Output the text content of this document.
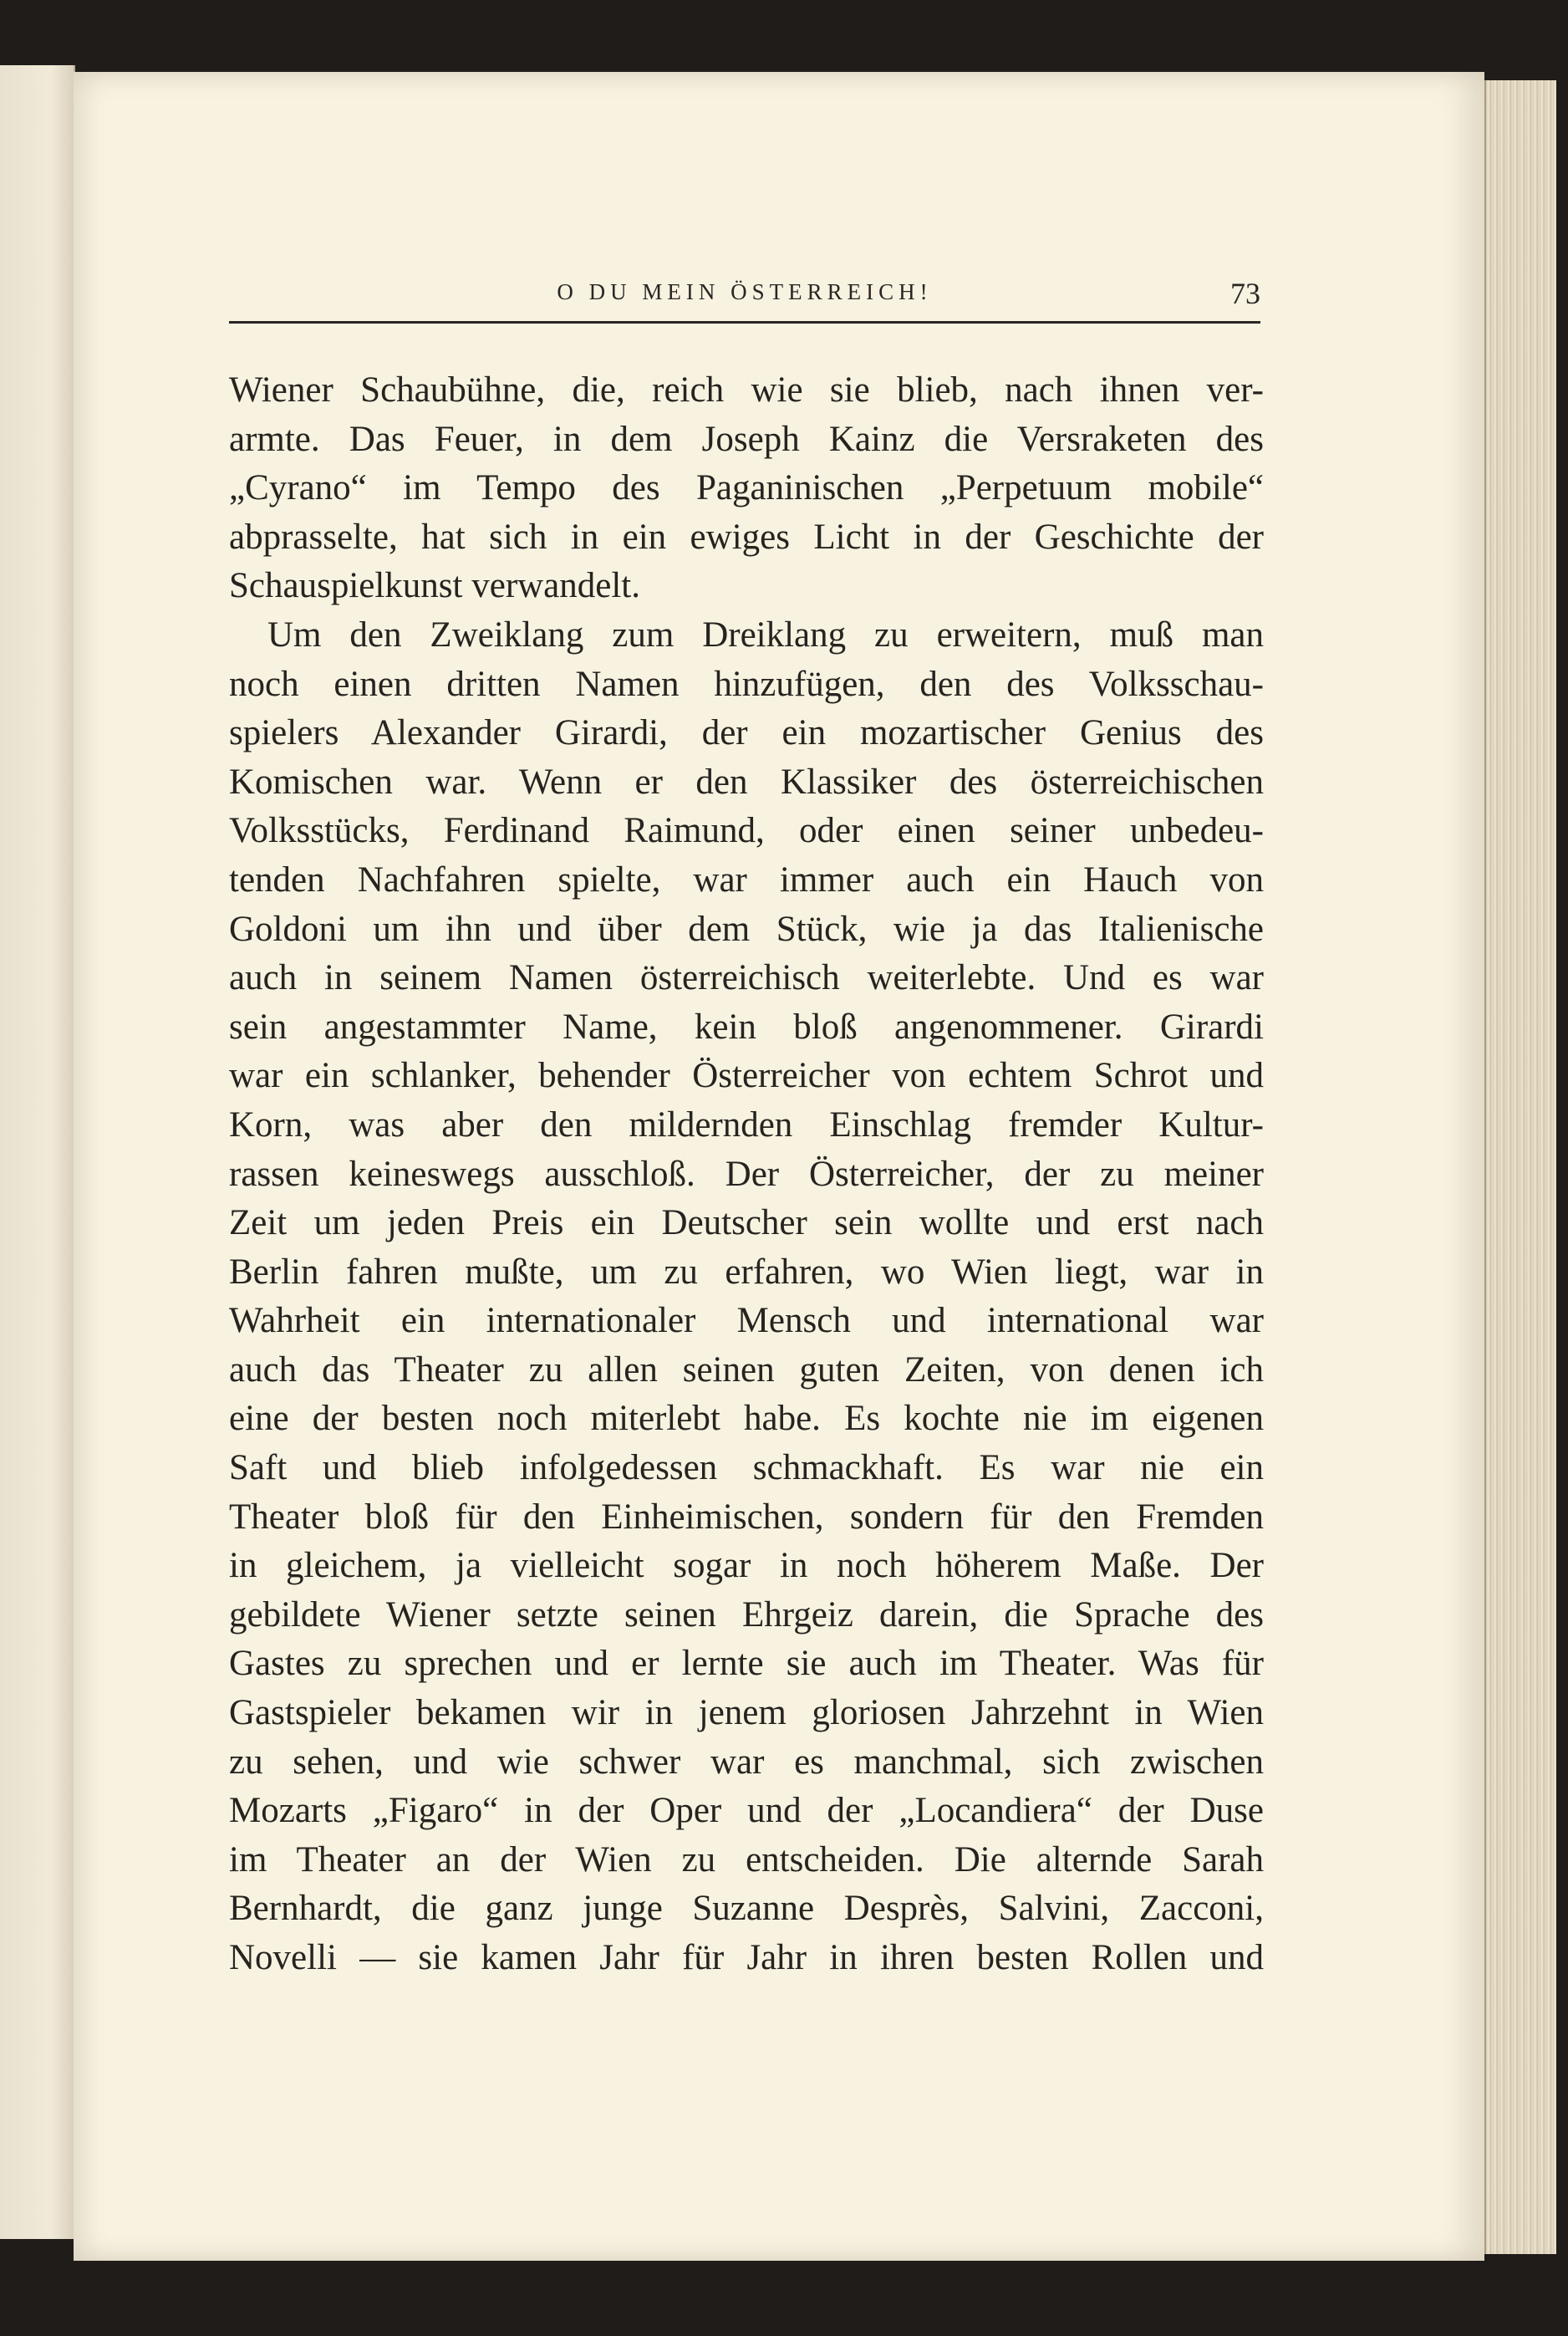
O DU MEIN ÖSTERREICH!	73
Wiener Schaubühne, die, reich wie sie blieb, nach ihnen ver-
armte. Das Feuer, in dem Joseph Kainz die Versraketen des
„Cyrano“ im Tempo des Paganinischen „Perpetuum mobile“
abprasselte, hat sich in ein ewiges Licht in der Geschichte der
Schauspielkunst verwandelt.
Um den Zweiklang zum Dreiklang zu erweitern, muß man
noch einen dritten Namen hinzufügen, den des Volksschau-
spielers Alexander Girardi, der ein mozartischer Genius des
Komischen war. Wenn er den Klassiker des österreichischen
Volksstücks, Ferdinand Raimund, oder einen seiner unbedeu-
tenden Nachfahren spielte, war immer auch ein Hauch von
Goldoni um ihn und über dem Stück, wie ja das Italienische
auch in seinem Namen österreichisch weiterlebte. Und es war
sein angestammter Name, kein bloß angenommener. Girardi
war ein schlanker, behender Österreicher von echtem Schrot und
Korn, was aber den mildernden Einschlag fremder Kultur-
rassen keineswegs ausschloß. Der Österreicher, der zu meiner
Zeit um jeden Preis ein Deutscher sein wollte und erst nach
Berlin fahren mußte, um zu erfahren, wo Wien liegt, war in
Wahrheit ein internationaler Mensch und international war
auch das Theater zu allen seinen guten Zeiten, von denen ich
eine der besten noch miterlebt habe. Es kochte nie im eigenen
Saft und blieb infolgedessen schmackhaft. Es war nie ein
Theater bloß für den Einheimischen, sondern für den Fremden
in gleichem, ja vielleicht sogar in noch höherem Maße. Der
gebildete Wiener setzte seinen Ehrgeiz darein, die Sprache des
Gastes zu sprechen und er lernte sie auch im Theater. Was für
Gastspieler bekamen wir in jenem gloriosen Jahrzehnt in Wien
zu sehen, und wie schwer war es manchmal, sich zwischen
Mozarts „Figaro“ in der Oper und der „Locandiera“ der Duse
im Theater an der Wien zu entscheiden. Die alternde Sarah
Bernhardt, die ganz junge Suzanne Desprès, Salvini, Zacconi,
Novelli — sie kamen Jahr für Jahr in ihren besten Rollen und
